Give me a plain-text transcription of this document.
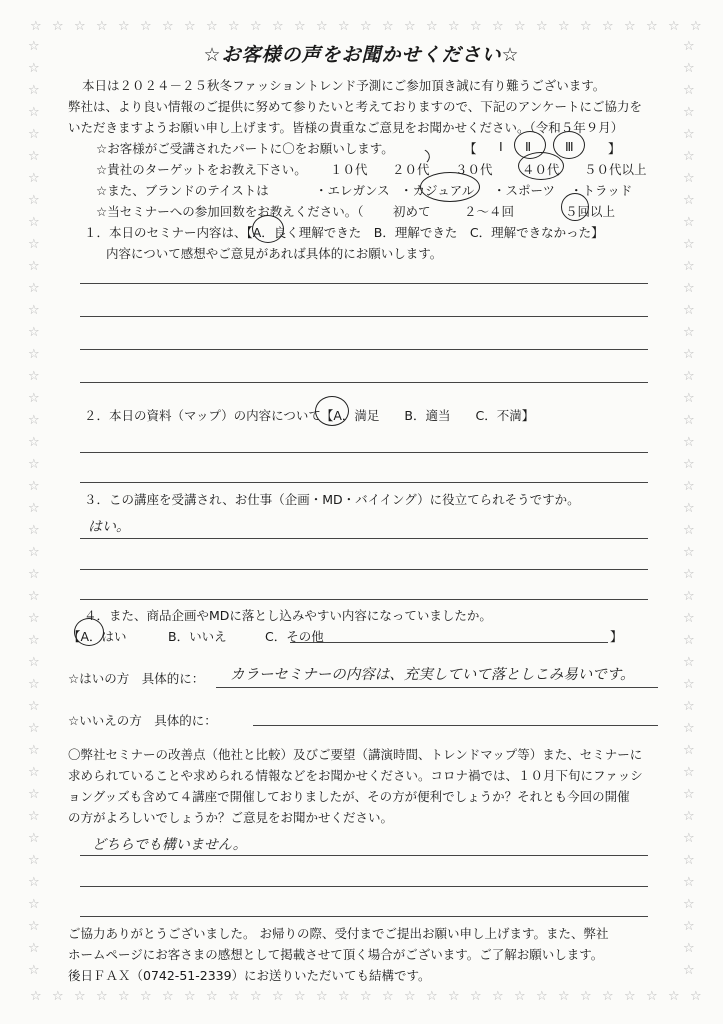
☆
☆
☆
☆
☆
☆
☆
☆
☆
☆
☆
☆
☆
☆
☆
☆
☆
☆
☆
☆
☆
☆
☆
☆
☆
☆
☆
☆
☆
☆
☆
☆
☆
☆
☆
☆
☆
☆
☆
☆
☆
☆
☆
☆
☆
☆
☆
☆
☆
☆
☆
☆
☆
☆
☆
☆
☆
☆
☆
☆
☆
☆
☆	☆
☆	☆
☆	☆
☆	☆
☆	☆
☆	☆
☆	☆
☆	☆
☆	☆
☆	☆
☆	☆
☆	☆
☆	☆
☆	☆
☆	☆
☆	☆
☆	☆
☆	☆
☆	☆
☆	☆
☆	☆
☆	☆
☆	☆
☆	☆
☆	☆
☆	☆
☆	☆
☆	☆
☆	☆
☆	☆
☆	☆
☆	☆
☆	☆
☆	☆
☆	☆
☆	☆
☆	☆
☆	☆
☆	☆
☆	☆
☆	☆
☆	☆
☆	☆
☆お客様の声をお聞かせください☆
本日は２０２４－２５秋冬ファッショントレンド予測にご参加頂き誠に有り難うございます。
弊社は、より良い情報のご提供に努めて参りたいと考えておりますので、下記のアンケートにご協力を
いただきますようお願い申し上げます。皆様の貴重なご意見をお聞かせください。（令和５年９月）
☆お客様がご受講されたパートに〇をお願いします。	【 Ⅰ Ⅱ	Ⅲ	】
☆貴社のターゲットをお教え下さい。 １０代 ２０代 ３０代 ４０代 ５０代以上
☆また、ブランドのテイストは	・エレガンス ・カジュアル ・スポーツ ・トラッド
☆当セミナーへの参加回数をお教えください。（ 初めて	２～４回	５回以上
１．本日のセミナー内容は、【A．良く理解できた　B．理解できた　C．理解できなかった】
内容について感想やご意見があれば具体的にお願いします。
２．本日の資料（マップ）の内容について【A．満足　　B．適当　　C．不満】
３．この講座を受講され、お仕事（企画・MD・バイイング）に役立てられそうですか。
はい。
４．また、商品企画やMDに落とし込みやすい内容になっていましたか。
【A．はい	B．いいえ	C．その他	】
☆はいの方　具体的に： カラーセミナーの内容は、充実していて落としこみ易いです。
☆いいえの方　具体的に：
〇弊社セミナーの改善点（他社と比較）及びご要望（講演時間、トレンドマップ等）また、セミナーに
求められていることや求められる情報などをお聞かせください。コロナ禍では、１０月下旬にファッシ
ョングッズも含めて４講座で開催しておりましたが、その方が便利でしょうか？それとも今回の開催
の方がよろしいでしょうか？ご意見をお聞かせください。
どちらでも構いません。
ご協力ありがとうございました。 お帰りの際、受付までご提出お願い申し上げます。また、弊社
ホームページにお客さまの感想として掲載させて頂く場合がございます。ご了解お願いします。
後日ＦＡＸ（0742-51-2339）にお送りいただいても結構です。
